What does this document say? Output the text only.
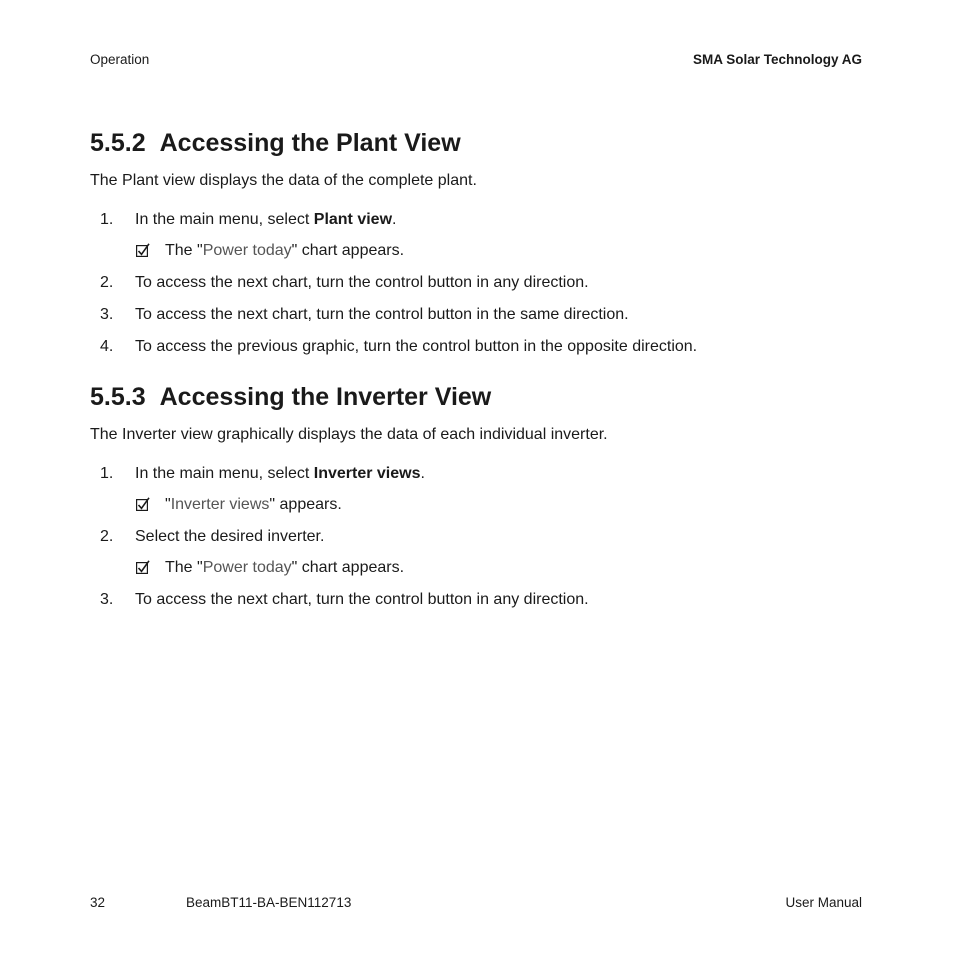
Operation	SMA Solar Technology AG
5.5.2 Accessing the Plant View

The Plant view displays the data of the complete plant.

1. In the main menu, select Plant view.
The "Power today" chart appears.
2. To access the next chart, turn the control button in any direction.
3. To access the next chart, turn the control button in the same direction.
4. To access the previous graphic, turn the control button in the opposite direction.
5.5.3 Accessing the Inverter View

The Inverter view graphically displays the data of each individual inverter.

1. In the main menu, select Inverter views.
"Inverter views" appears.
2. Select the desired inverter.
The "Power today" chart appears.
3. To access the next chart, turn the control button in any direction.
32	BeamBT11-BA-BEN112713	User Manual
